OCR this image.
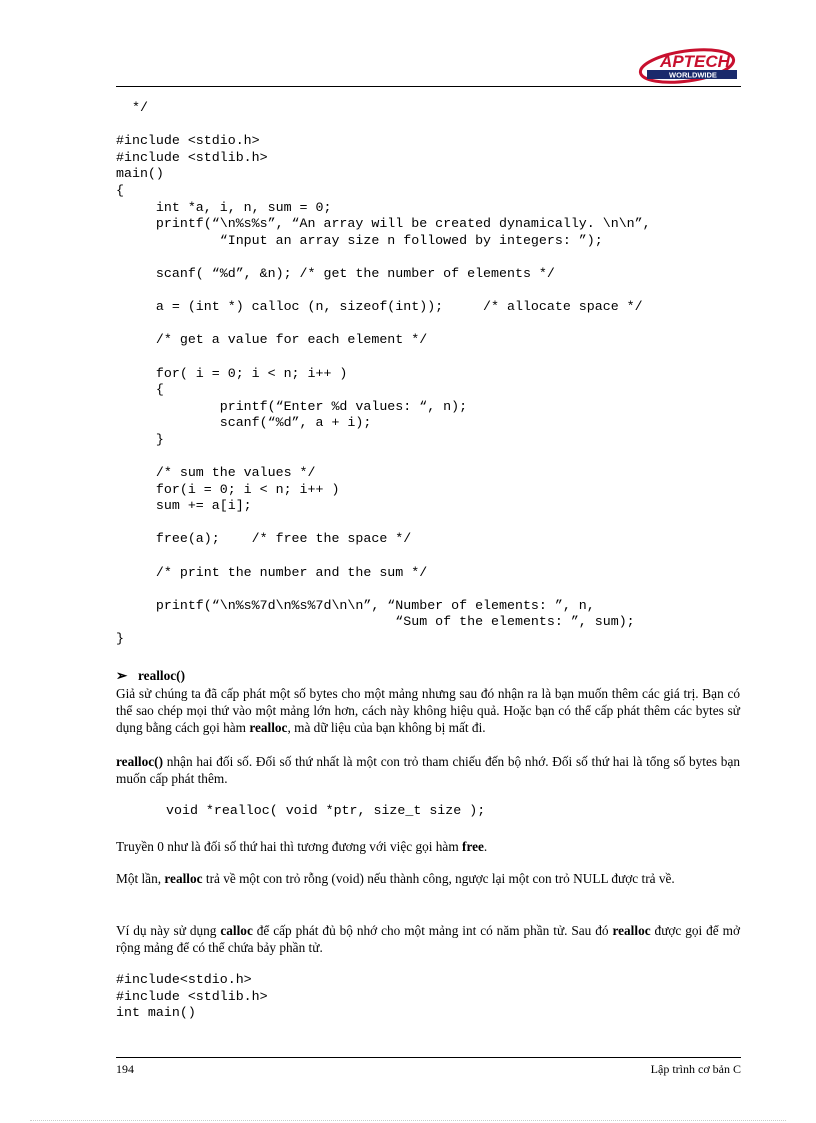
APTECH
WORLDWIDE
*/

#include <stdio.h>
#include <stdlib.h>
main()
{
int *a, i, n, sum = 0;
printf(“\n%s%s”, “An array will be created dynamically. \n\n”,
“Input an array size n followed by integers: ”);

scanf( “%d”, &n); /* get the number of elements */

a = (int *) calloc (n, sizeof(int));     /* allocate space */

/* get a value for each element */

for( i = 0; i < n; i++ )
{
printf(“Enter %d values: “, n);
scanf(“%d”, a + i);
}

/* sum the values */
for(i = 0; i < n; i++ )
sum += a[i];

free(a);    /* free the space */

/* print the number and the sum */

printf(“\n%s%7d\n%s%7d\n\n”, “Number of elements: ”, n,
“Sum of the elements: ”, sum);
}
➢ realloc()

Giả sử chúng ta đã cấp phát một số bytes cho một mảng nhưng sau đó nhận ra là bạn muốn thêm các giá trị. Bạn có thể sao chép mọi thứ vào một mảng lớn hơn, cách này không hiệu quả. Hoặc bạn có thể cấp phát thêm các bytes sử dụng bằng cách gọi hàm realloc, mà dữ liệu của bạn không bị mất đi.

realloc() nhận hai đối số. Đối số thứ nhất là một con trỏ tham chiếu đến bộ nhớ. Đối số thứ hai là tổng số bytes bạn muốn cấp phát thêm.

void *realloc( void *ptr, size_t size );

Truyền 0 như là đối số thứ hai thì tương đương với việc gọi hàm free.

Một lần, realloc trả về một con trỏ rỗng (void) nếu thành công, ngược lại một con trỏ NULL được trả về.

Ví dụ này sử dụng calloc để cấp phát đủ bộ nhớ cho một mảng int có năm phần tử. Sau đó realloc được gọi để mở rộng mảng để có thể chứa bảy phần tử.

#include<stdio.h>
#include <stdlib.h>
int main()
194	Lập trình cơ bản C
